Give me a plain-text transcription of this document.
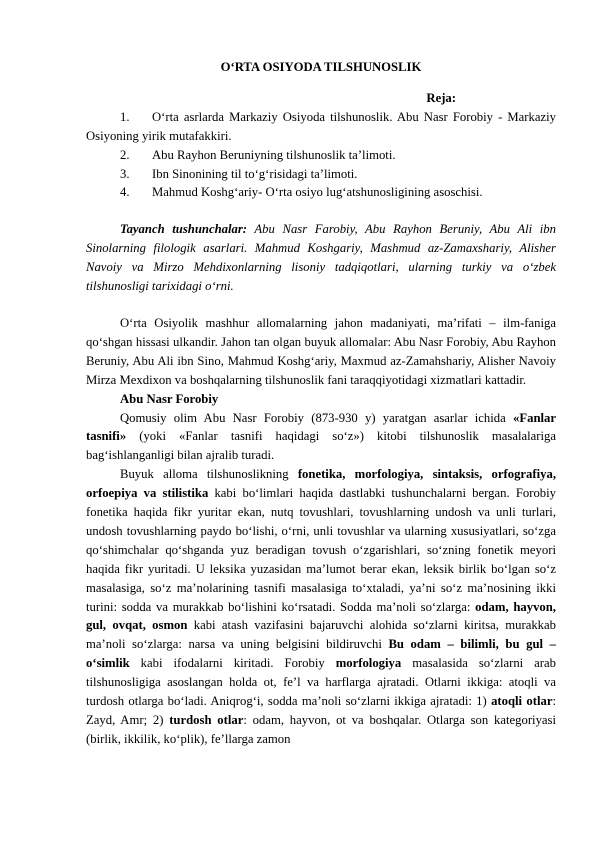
O‘RTA OSIYODA TILSHUNOSLIK

Reja:

1. O‘rta asrlarda Markaziy Osiyoda tilshunoslik. Abu Nasr Forobiy - Markaziy Osiyoning yirik mutafakkiri.

2. Abu Rayhon Beruniyning tilshunoslik ta’limoti.

3. Ibn Sinonining til to‘g‘risidagi ta’limoti.

4. Mahmud Koshg‘ariy- O‘rta osiyo lug‘atshunosligining asoschisi.

Tayanch tushunchalar: Abu Nasr Farobiy, Abu Rayhon Beruniy, Abu Ali ibn Sinolarning filologik asarlari. Mahmud Koshgariy, Mashmud az-Zamaxshariy, Alisher Navoiy va Mirzo Mehdixonlarning lisoniy tadqiqotlari, ularning turkiy va o‘zbek tilshunosligi tarixidagi o‘rni.

O‘rta Osiyolik mashhur allomalarning jahon madaniyati, ma’rifati – ilm-faniga qo‘shgan hissasi ulkandir. Jahon tan olgan buyuk allomalar: Abu Nasr Forobiy, Abu Rayhon Beruniy, Abu Ali ibn Sino, Mahmud Koshg‘ariy, Maxmud az-Zamahshariy, Alisher Navoiy Mirza Mexdixon va boshqalarning tilshunoslik fani taraqqiyotidagi xizmatlari kattadir.

Abu Nasr Forobiy

Qomusiy olim Abu Nasr Forobiy (873-930 y) yaratgan asarlar ichida «Fanlar tasnifi» (yoki «Fanlar tasnifi haqidagi so‘z») kitobi tilshunoslik masalalariga bag‘ishlanganligi bilan ajralib turadi.

Buyuk alloma tilshunoslikning fonetika, morfologiya, sintaksis, orfografiya, orfoepiya va stilistika kabi bo‘limlari haqida dastlabki tushunchalarni bergan. Forobiy fonetika haqida fikr yuritar ekan, nutq tovushlari, tovushlarning undosh va unli turlari, undosh tovushlarning paydo bo‘lishi, o‘rni, unli tovushlar va ularning xususiyatlari, so‘zga qo‘shimchalar qo‘shganda yuz beradigan tovush o‘zgarishlari, so‘zning fonetik meyori haqida fikr yuritadi. U leksika yuzasidan ma’lumot berar ekan, leksik birlik bo‘lgan so‘z masalasiga, so‘z ma’nolarining tasnifi masalasiga to‘xtaladi, ya’ni so‘z ma’nosining ikki turini: sodda va murakkab bo‘lishini ko‘rsatadi. Sodda ma’noli so‘zlarga: odam, hayvon, gul, ovqat, osmon kabi atash vazifasini bajaruvchi alohida so‘zlarni kiritsa, murakkab ma’noli so‘zlarga: narsa va uning belgisini bildiruvchi Bu odam – bilimli, bu gul – o‘simlik kabi ifodalarni kiritadi. Forobiy morfologiya masalasida so‘zlarni arab tilshunosligiga asoslangan holda ot, fe’l va harflarga ajratadi. Otlarni ikkiga: atoqli va turdosh otlarga bo‘ladi. Aniqrog‘i, sodda ma’noli so‘zlarni ikkiga ajratadi: 1) atoqli otlar: Zayd, Amr; 2) turdosh otlar: odam, hayvon, ot va boshqalar. Otlarga son kategoriyasi (birlik, ikkilik, ko‘plik), fe’llarga zamon
